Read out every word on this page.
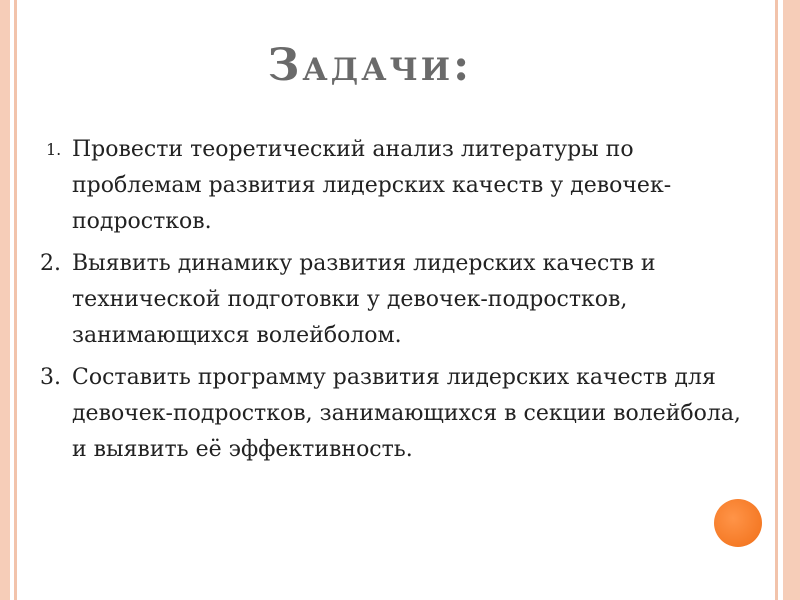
Задачи:
1. Провести теоретический анализ литературы по проблемам развития лидерских качеств у девочек-подростков.
2. Выявить динамику развития лидерских качеств и технической подготовки у девочек-подростков, занимающихся волейболом.
3. Составить программу развития лидерских качеств для девочек-подростков, занимающихся в секции волейбола, и выявить её эффективность.
